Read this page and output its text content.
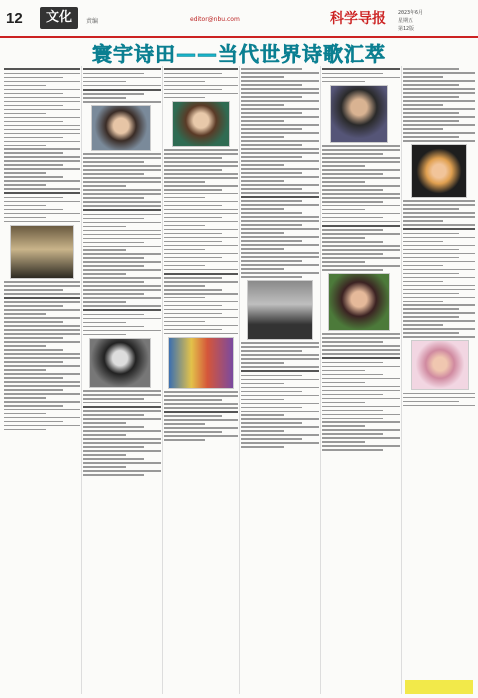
12	文化	责编	editor@nbu.com	科学导报 2023年6月
星期五
第12版
寰宇诗田——当代世界诗歌汇萃
